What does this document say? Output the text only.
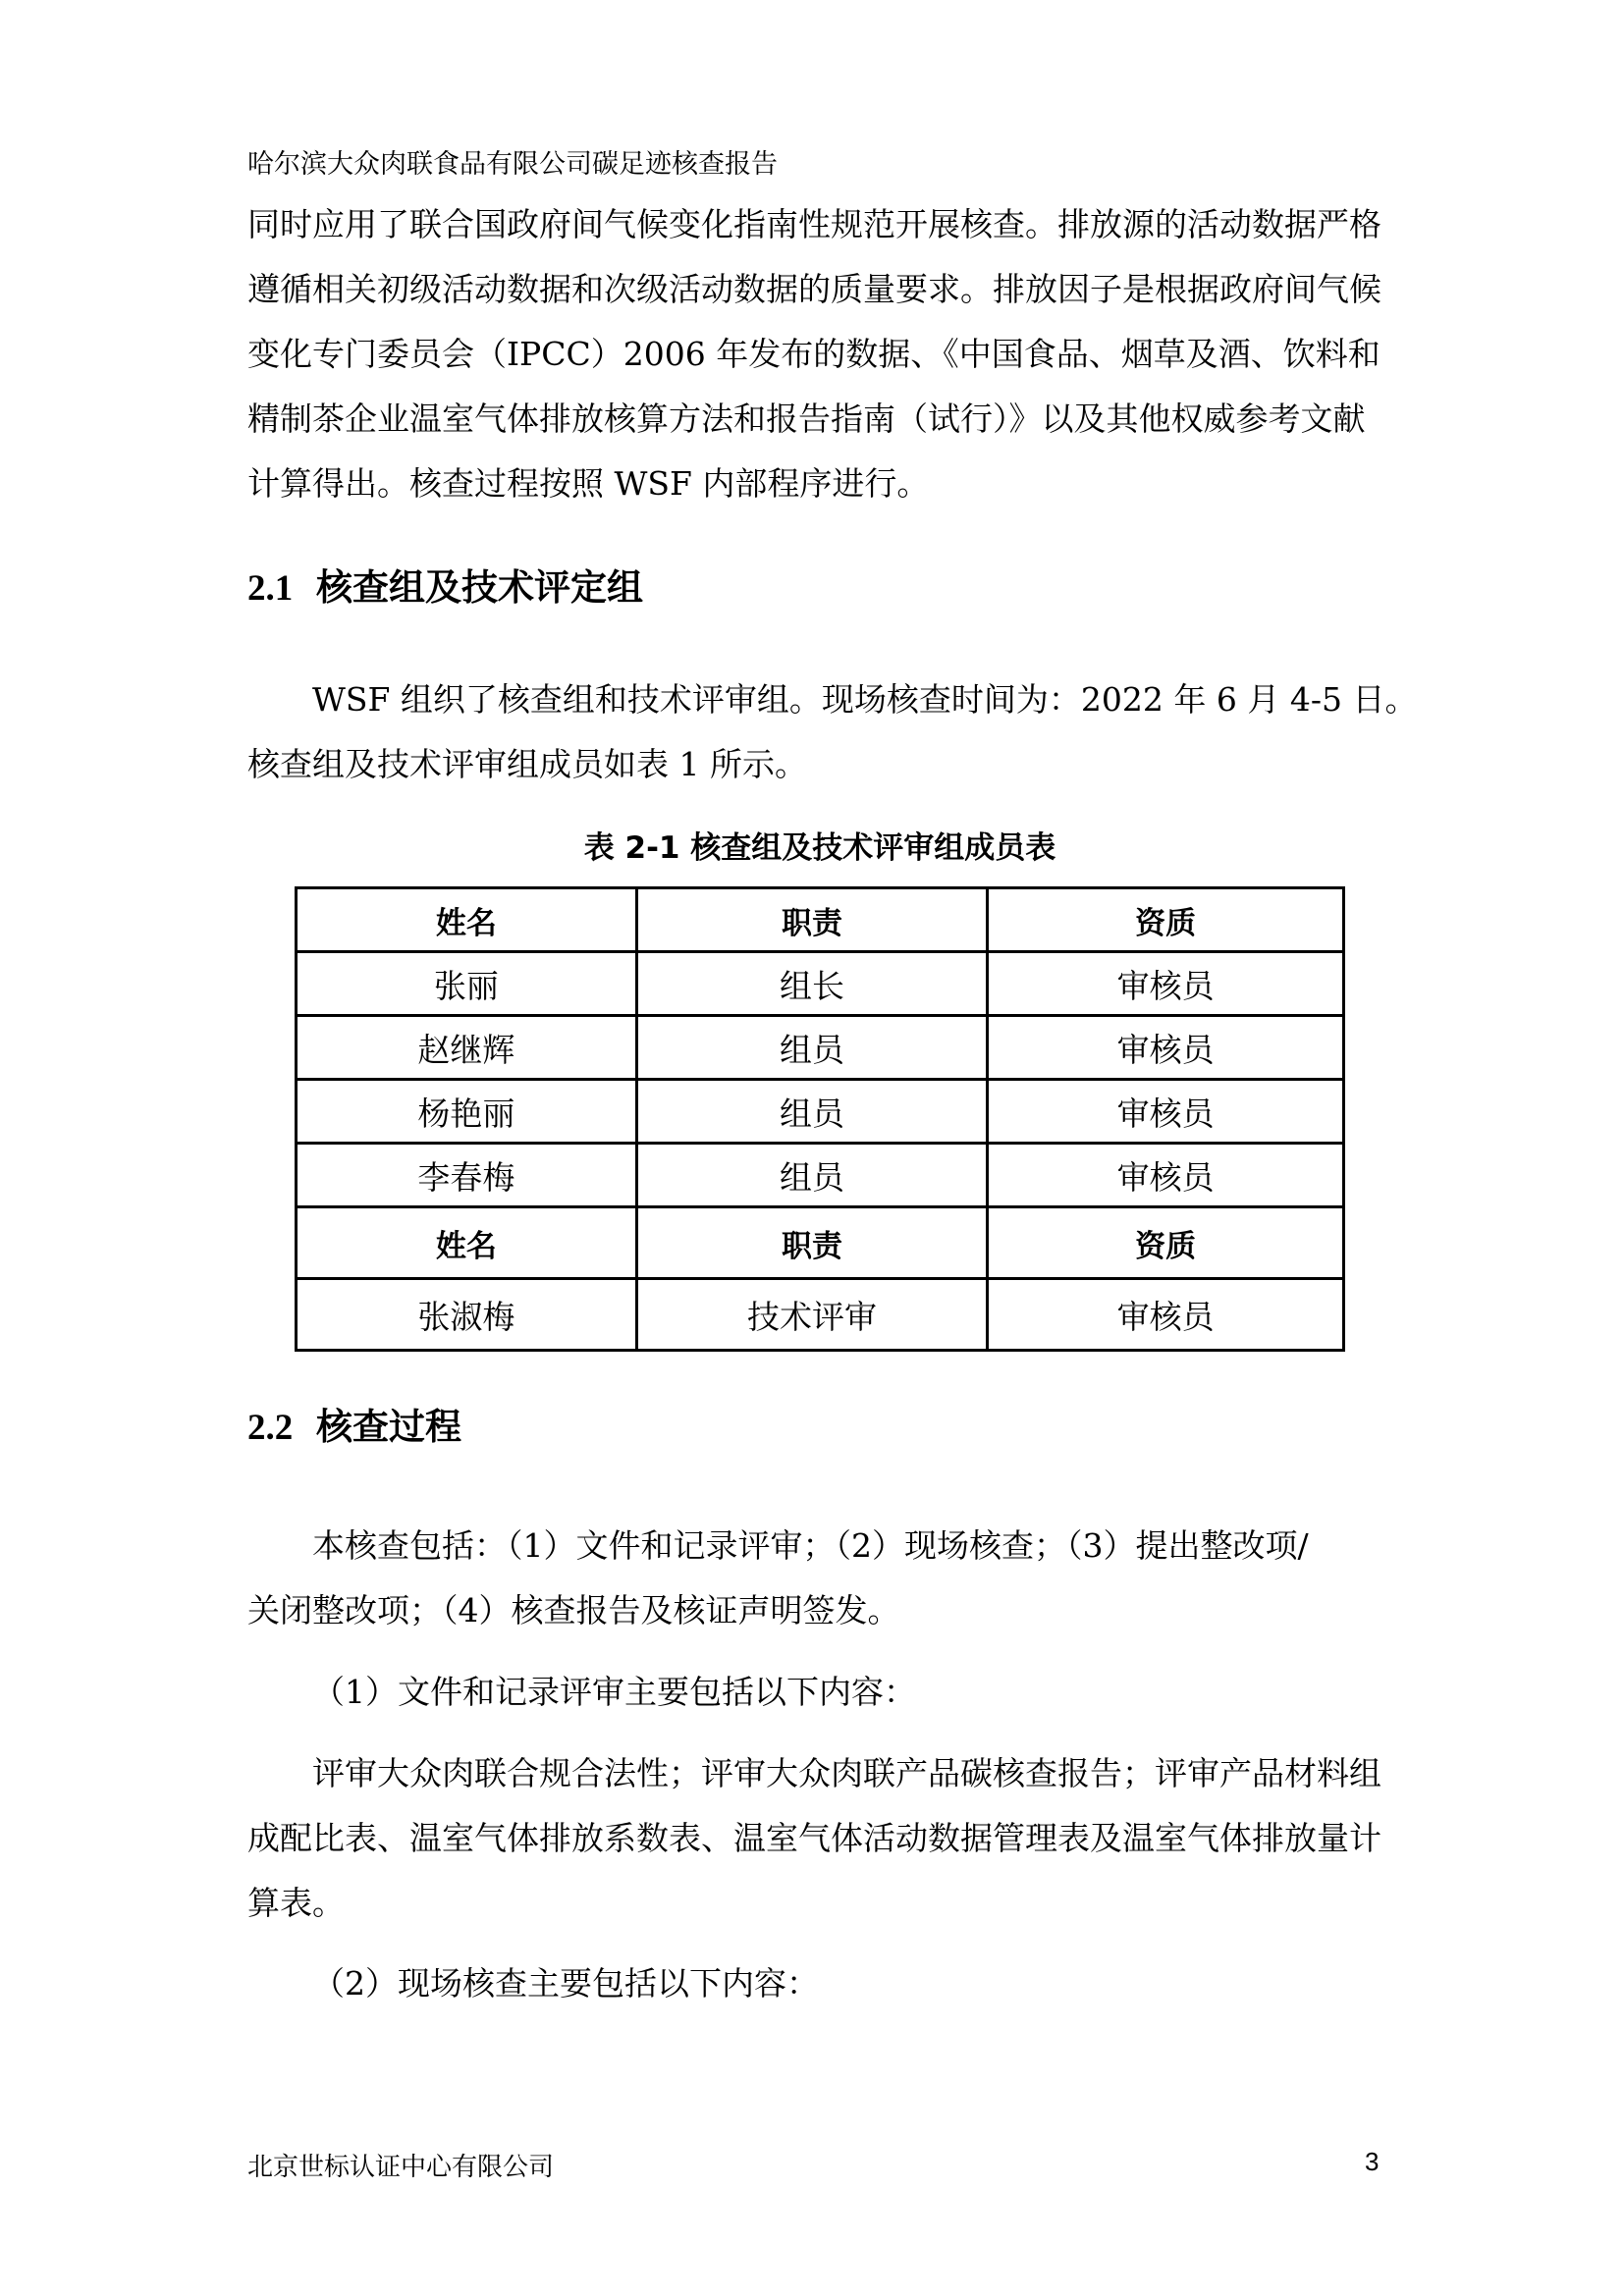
哈尔滨大众肉联食品有限公司碳足迹核查报告

同时应用了联合国政府间气候变化指南性规范开展核查。排放源的活动数据严格
遵循相关初级活动数据和次级活动数据的质量要求。排放因子是根据政府间气候
变化专门委员会（IPCC）2006 年发布的数据、《中国食品、烟草及酒、饮料和
精制茶企业温室气体排放核算方法和报告指南（试行）》以及其他权威参考文献
计算得出。核查过程按照 WSF 内部程序进行。

2.1 核查组及技术评定组

WSF 组织了核查组和技术评审组。现场核查时间为：2022 年 6 月 4-5 日。
核查组及技术评审组成员如表 1 所示。

表 2-1 核查组及技术评审组成员表
姓名	职责	资质
张丽	组长	审核员
赵继辉	组员	审核员
杨艳丽	组员	审核员
李春梅	组员	审核员
姓名	职责	资质
张淑梅	技术评审	审核员
2.2 核查过程

本核查包括：（1）文件和记录评审；（2）现场核查；（3）提出整改项/
关闭整改项；（4）核查报告及核证声明签发。

（1）文件和记录评审主要包括以下内容：

评审大众肉联合规合法性；评审大众肉联产品碳核查报告；评审产品材料组
成配比表、温室气体排放系数表、温室气体活动数据管理表及温室气体排放量计
算表。

（2）现场核查主要包括以下内容：

北京世标认证中心有限公司	3
